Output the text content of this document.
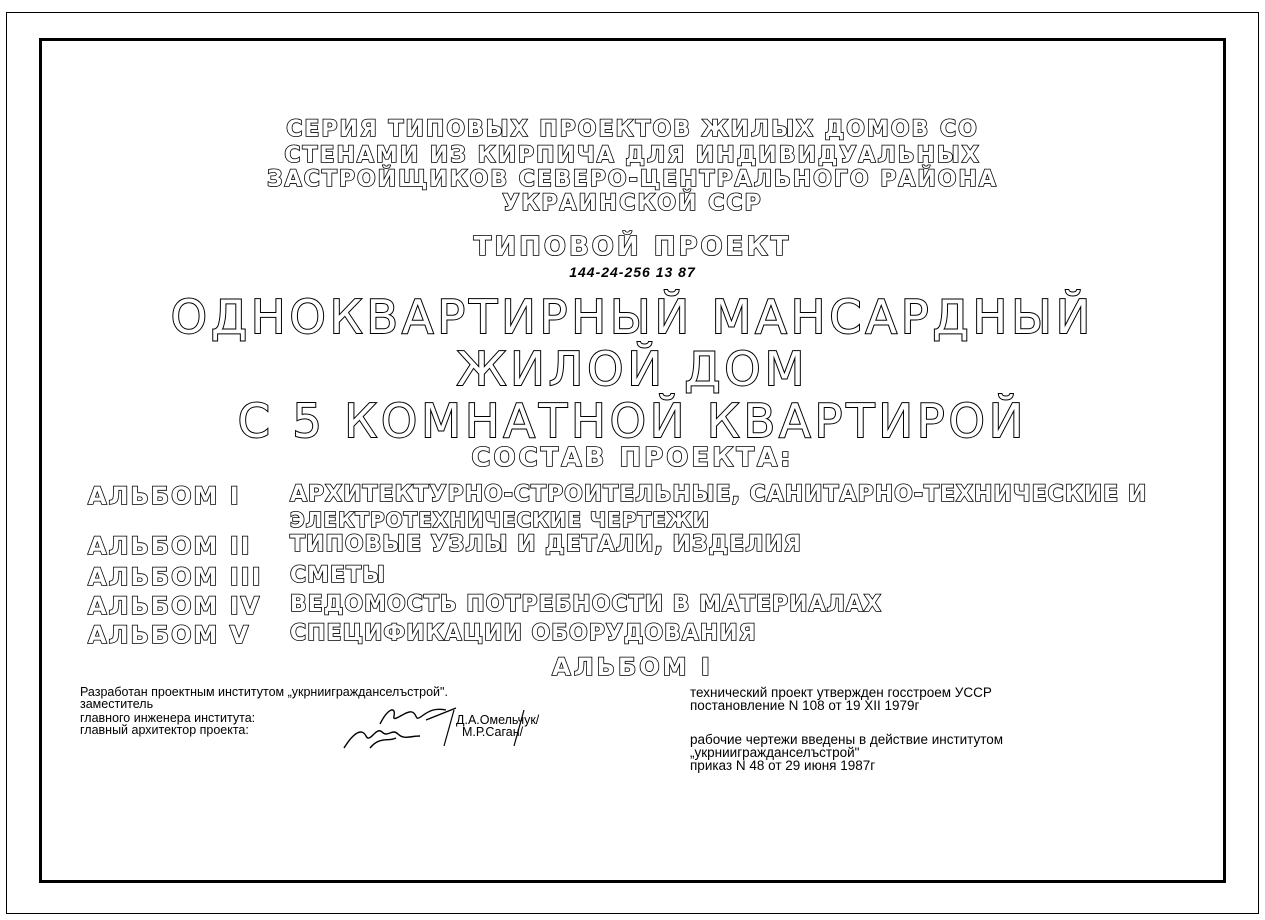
СЕРИЯ ТИПОВЫХ ПРОЕКТОВ ЖИЛЫХ ДОМОВ СО
СТЕНАМИ ИЗ КИРПИЧА ДЛЯ ИНДИВИДУАЛЬНЫХ
ЗАСТРОЙЩИКОВ СЕВЕРО-ЦЕНТРАЛЬНОГО РАЙОНА
УКРАИНСКОЙ ССР
ТИПОВОЙ ПРОЕКТ
144-24-256 13 87
ОДНОКВАРТИРНЫЙ МАНСАРДНЫЙ
ЖИЛОЙ ДОМ
С 5 КОМНАТНОЙ КВАРТИРОЙ
СОСТАВ ПРОЕКТА:
АЛЬБОМ I АРХИТЕКТУРНО-СТРОИТЕЛЬНЫЕ, САНИТАРНО-ТЕХНИЧЕСКИЕ И
ЭЛЕКТРОТЕХНИЧЕСКИЕ ЧЕРТЕЖИ
АЛЬБОМ II ТИПОВЫЕ УЗЛЫ И ДЕТАЛИ, ИЗДЕЛИЯ
АЛЬБОМ III СМЕТЫ
АЛЬБОМ IV ВЕДОМОСТЬ ПОТРЕБНОСТИ В МАТЕРИАЛАХ
АЛЬБОМ V СПЕЦИФИКАЦИИ ОБОРУДОВАНИЯ
АЛЬБОМ I
Разработан проектным институтом „укрниигражданселъстрой".
заместитель
главного инженера института:
главный архитектор проекта:
Д.А.Омельчук/
М.Р.Саган/
технический проект утвержден госстроем УССР
постановление N 108 от 19 XII 1979г
рабочие чертежи введены в действие институтом
„укрниигражданселъстрой"
приказ N 48 от 29 июня 1987г
